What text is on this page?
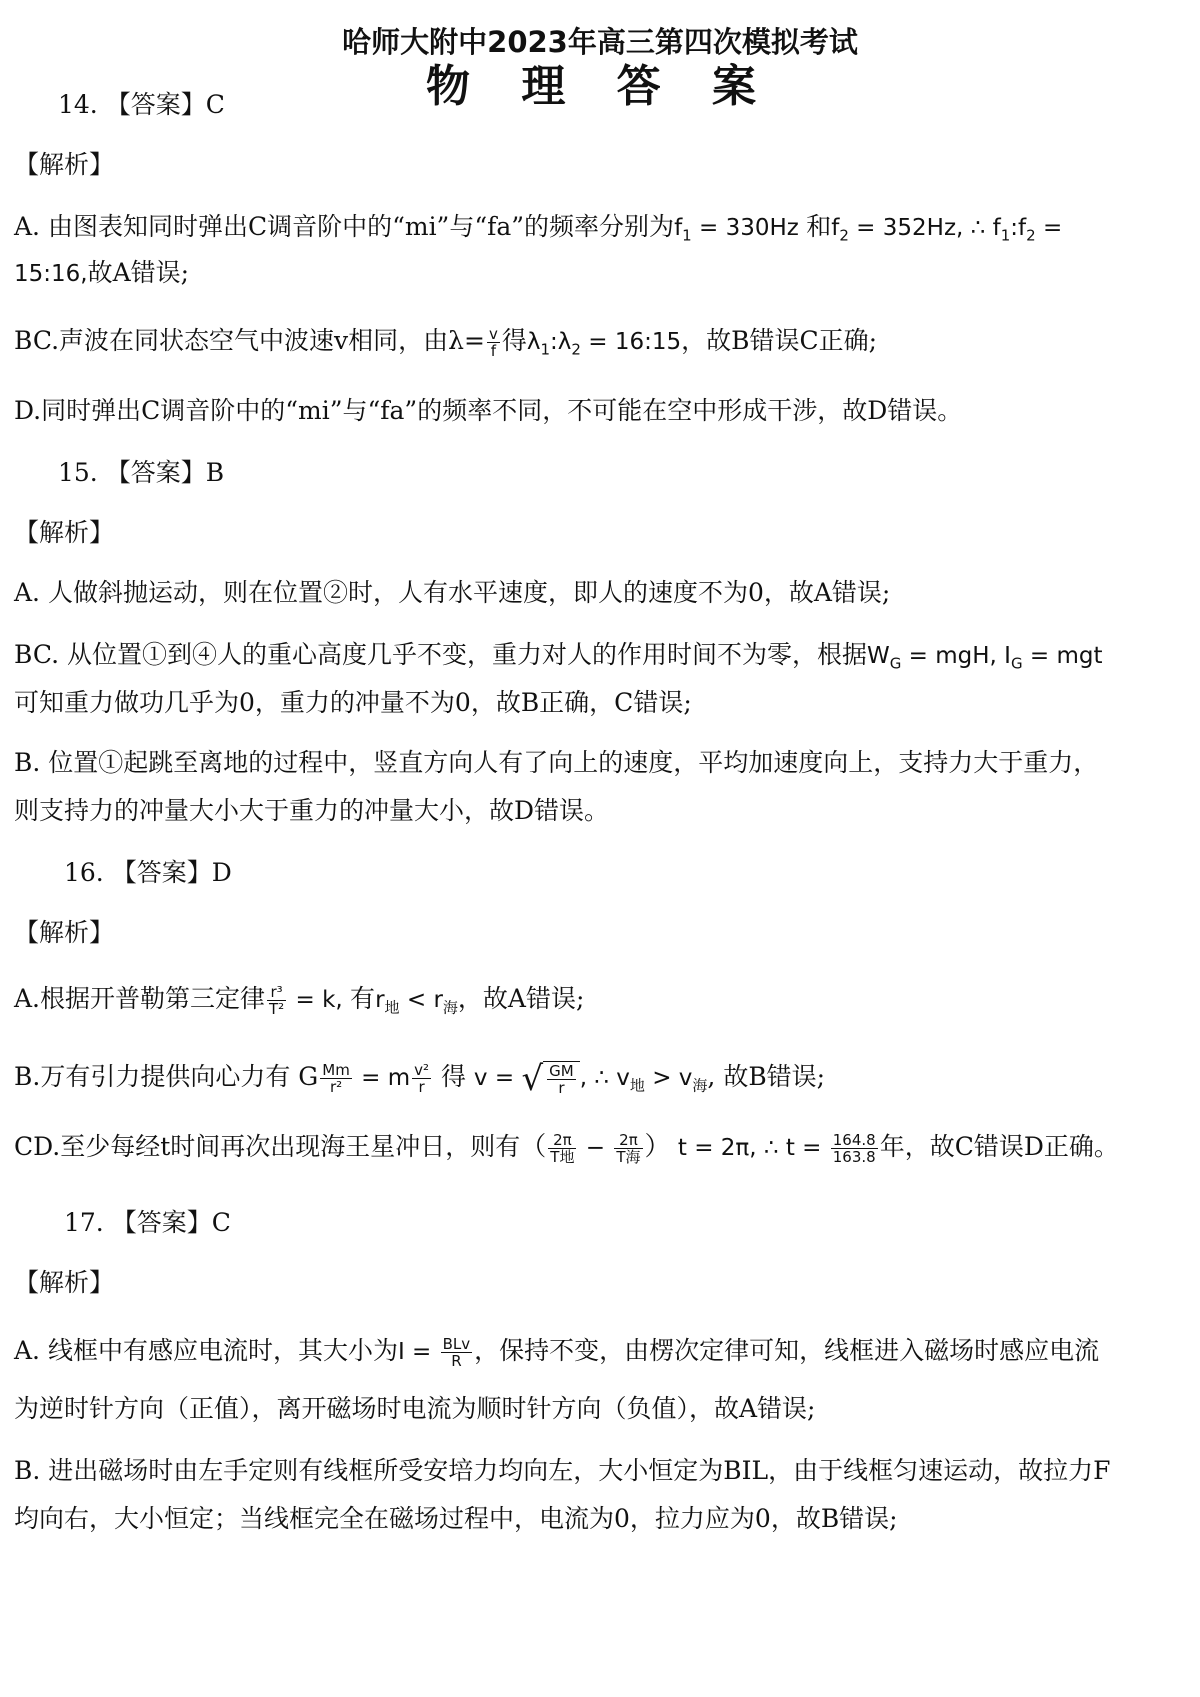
哈师大附中2023年高三第四次模拟考试
物 理 答 案
14. 【答案】C
【解析】
A. 由图表知同时弹出C调音阶中的“mi”与“fa”的频率分别为$f_1 = 330Hz$ 和$f_2 = 352Hz$, ∴ $f_1:f_2$ =
15:16,故A错误;
BC.声波在同状态空气中波速v相同，由$\lambda= \frac{v}{f}$ 得$\lambda_1:\lambda_2$ = 16:15，故B错误C正确;
D.同时弹出C调音阶中的“mi”与“fa”的频率不同，不可能在空中形成干涉，故D错误。
15. 【答案】B
【解析】
A. 人做斜抛运动，则在位置②时，人有水平速度，即人的速度不为0，故A错误;
BC. 从位置①到④人的重心高度几乎不变，重力对人的作用时间不为零，根据$W_G$ = mgH, $I_G$ = mgt
可知重力做功几乎为0，重力的冲量不为0，故B正确，C错误;
B. 位置①起跳至离地的过程中，竖直方向人有了向上的速度，平均加速度向上，支持力大于重力，
则支持力的冲量大小大于重力的冲量大小，故D错误。
16. 【答案】D
【解析】
A.根据开普勒第三定律 $\frac{\text{r³}}{\text{T²}} = k$, 有$r_地 < r_海$，故A错误;
B.万有引力提供向心力有 G $\frac{Mm}{\text{r²}} = m \frac{\text{v²}}{r}$ 得 v = √ $\frac{GM}{r}$ , ∴ $v_地 > v_海$, 故B错误;
CD.至少每经t时间再次出现海王星冲日，则有（ $\frac{2\pi}{\text{T地}} - \frac{2\pi}{\text{T海}}$ ） t = 2π, ∴ $t = \frac{164.8}{163.8}$ 年，故C错误D正确。
17. 【答案】C
【解析】
A. 线框中有感应电流时，其大小为$I = \frac{\text{BLv}}{R}$ ，保持不变，由楞次定律可知，线框进入磁场时感应电流
为逆时针方向（正值），离开磁场时电流为顺时针方向（负值），故A错误;
B. 进出磁场时由左手定则有线框所受安培力均向左，大小恒定为BIL，由于线框匀速运动，故拉力F
均向右，大小恒定；当线框完全在磁场过程中，电流为0，拉力应为0，故B错误;
